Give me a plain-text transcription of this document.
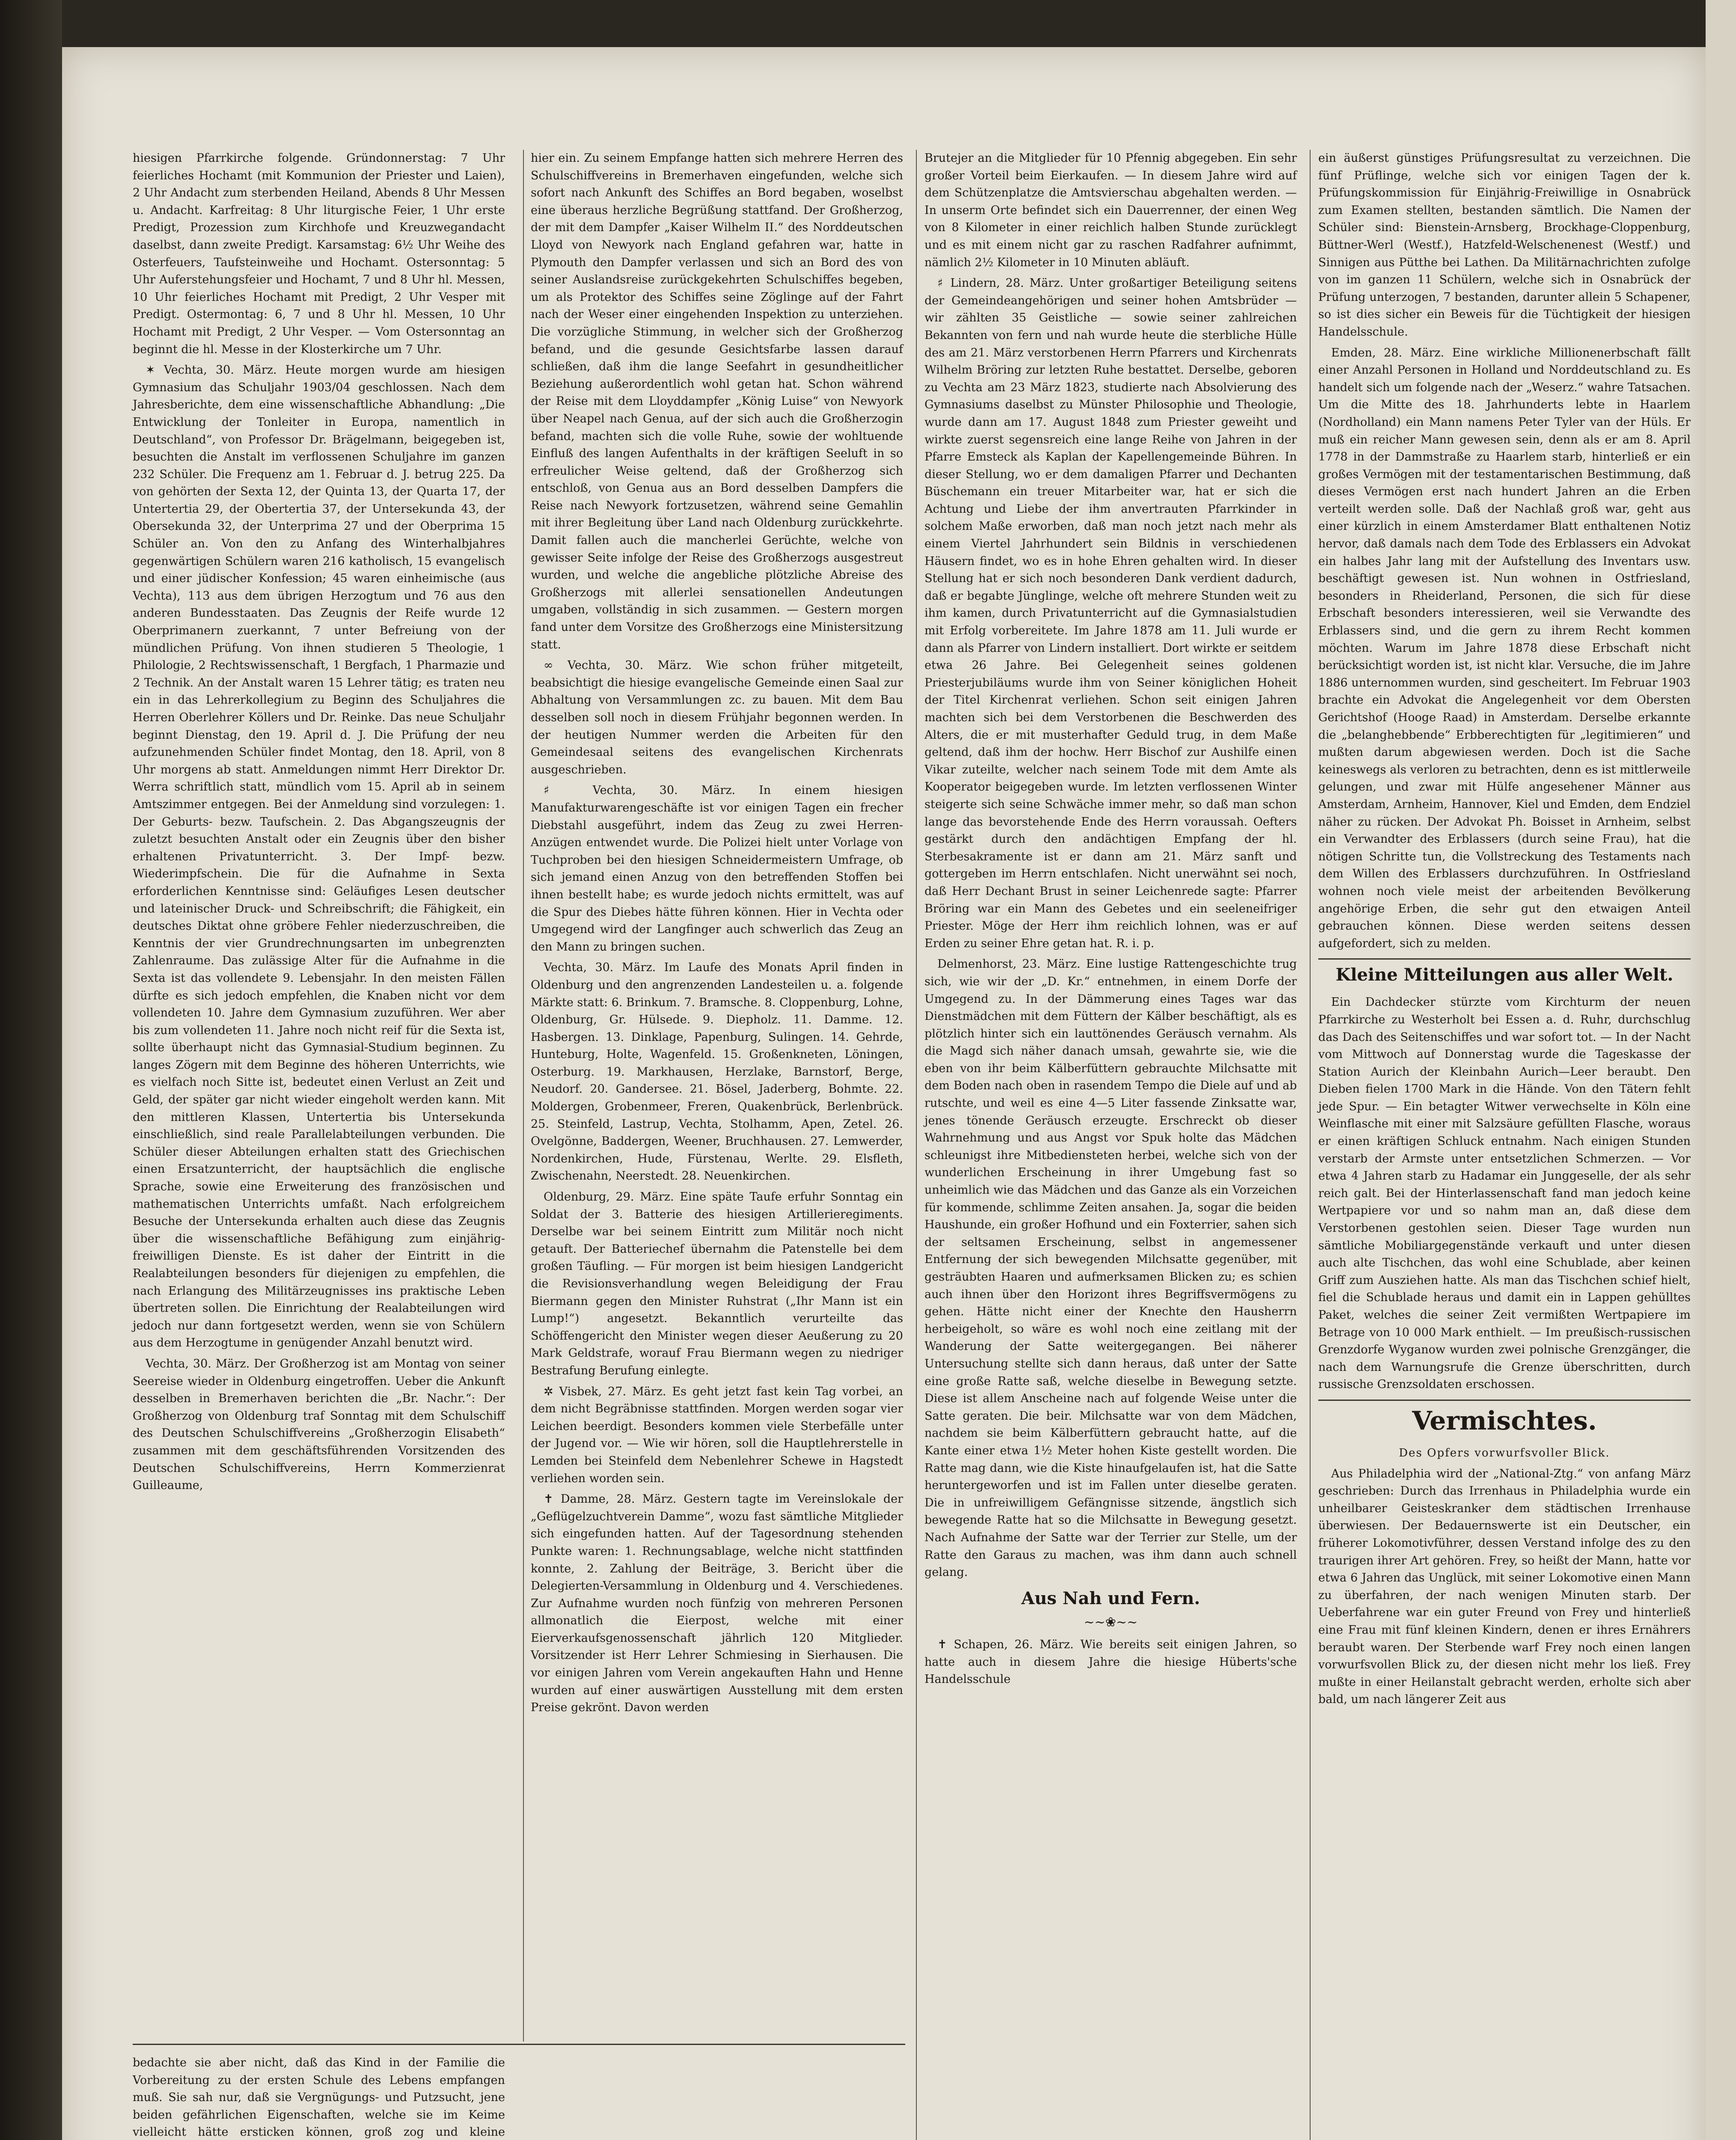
hiesigen Pfarrkirche folgende. Gründonnerstag: 7 Uhr feierliches Hochamt (mit Kommunion der Priester und Laien), 2 Uhr Andacht zum sterbenden Heiland, Abends 8 Uhr Messen u. Andacht. Karfreitag: 8 Uhr liturgische Feier, 1 Uhr erste Predigt, Prozession zum Kirchhofe und Kreuzwegandacht daselbst, dann zweite Predigt. Karsamstag: 6½ Uhr Weihe des Osterfeuers, Taufsteinweihe und Hochamt. Ostersonntag: 5 Uhr Auferstehungsfeier und Hochamt, 7 und 8 Uhr hl. Messen, 10 Uhr feierliches Hochamt mit Predigt, 2 Uhr Vesper mit Predigt. Ostermontag: 6, 7 und 8 Uhr hl. Messen, 10 Uhr Hochamt mit Predigt, 2 Uhr Vesper. — Vom Ostersonntag an beginnt die hl. Messe in der Klosterkirche um 7 Uhr.

✶ Vechta, 30. März. Heute morgen wurde am hiesigen Gymnasium das Schuljahr 1903/04 geschlossen. Nach dem Jahresberichte, dem eine wissenschaftliche Abhandlung: „Die Entwicklung der Tonleiter in Europa, namentlich in Deutschland“, von Professor Dr. Brägelmann, beigegeben ist, besuchten die Anstalt im verflossenen Schuljahre im ganzen 232 Schüler. Die Frequenz am 1. Februar d. J. betrug 225. Da von gehörten der Sexta 12, der Quinta 13, der Quarta 17, der Untertertia 29, der Obertertia 37, der Untersekunda 43, der Obersekunda 32, der Unterprima 27 und der Oberprima 15 Schüler an. Von den zu Anfang des Winterhalbjahres gegenwärtigen Schülern waren 216 katholisch, 15 evangelisch und einer jüdischer Konfession; 45 waren einheimische (aus Vechta), 113 aus dem übrigen Herzogtum und 76 aus den anderen Bundesstaaten. Das Zeugnis der Reife wurde 12 Oberprimanern zuerkannt, 7 unter Befreiung von der mündlichen Prüfung. Von ihnen studieren 5 Theologie, 1 Philologie, 2 Rechtswissenschaft, 1 Bergfach, 1 Pharmazie und 2 Technik. An der Anstalt waren 15 Lehrer tätig; es traten neu ein in das Lehrerkollegium zu Beginn des Schuljahres die Herren Oberlehrer Köllers und Dr. Reinke. Das neue Schuljahr beginnt Dienstag, den 19. April d. J. Die Prüfung der neu aufzunehmenden Schüler findet Montag, den 18. April, von 8 Uhr morgens ab statt. Anmeldungen nimmt Herr Direktor Dr. Werra schriftlich statt, mündlich vom 15. April ab in seinem Amtszimmer entgegen. Bei der Anmeldung sind vorzulegen: 1. Der Geburts- bezw. Taufschein. 2. Das Abgangszeugnis der zuletzt besuchten Anstalt oder ein Zeugnis über den bisher erhaltenen Privatunterricht. 3. Der Impf- bezw. Wiederimpfschein. Die für die Aufnahme in Sexta erforderlichen Kenntnisse sind: Geläufiges Lesen deutscher und lateinischer Druck- und Schreibschrift; die Fähigkeit, ein deutsches Diktat ohne gröbere Fehler niederzuschreiben, die Kenntnis der vier Grundrechnungsarten im unbegrenzten Zahlenraume. Das zulässige Alter für die Aufnahme in die Sexta ist das vollendete 9. Lebensjahr. In den meisten Fällen dürfte es sich jedoch empfehlen, die Knaben nicht vor dem vollendeten 10. Jahre dem Gymnasium zuzuführen. Wer aber bis zum vollendeten 11. Jahre noch nicht reif für die Sexta ist, sollte überhaupt nicht das Gymnasial-Studium beginnen. Zu langes Zögern mit dem Beginne des höheren Unterrichts, wie es vielfach noch Sitte ist, bedeutet einen Verlust an Zeit und Geld, der später gar nicht wieder eingeholt werden kann. Mit den mittleren Klassen, Untertertia bis Untersekunda einschließlich, sind reale Parallelabteilungen verbunden. Die Schüler dieser Abteilungen erhalten statt des Griechischen einen Ersatzunterricht, der hauptsächlich die englische Sprache, sowie eine Erweiterung des französischen und mathematischen Unterrichts umfaßt. Nach erfolgreichem Besuche der Untersekunda erhalten auch diese das Zeugnis über die wissenschaftliche Befähigung zum einjährig-freiwilligen Dienste. Es ist daher der Eintritt in die Realabteilungen besonders für diejenigen zu empfehlen, die nach Erlangung des Militärzeugnisses ins praktische Leben übertreten sollen. Die Einrichtung der Realabteilungen wird jedoch nur dann fortgesetzt werden, wenn sie von Schülern aus dem Herzogtume in genügender Anzahl benutzt wird.

Vechta, 30. März. Der Großherzog ist am Montag von seiner Seereise wieder in Oldenburg eingetroffen. Ueber die Ankunft desselben in Bremerhaven berichten die „Br. Nachr.“: Der Großherzog von Oldenburg traf Sonntag mit dem Schulschiff des Deutschen Schulschiffvereins „Großherzogin Elisabeth“ zusammen mit dem geschäftsführenden Vorsitzenden des Deutschen Schulschiffvereins, Herrn Kommerzienrat Guilleaume,

hier ein. Zu seinem Empfange hatten sich mehrere Herren des Schulschiffvereins in Bremerhaven eingefunden, welche sich sofort nach Ankunft des Schiffes an Bord begaben, woselbst eine überaus herzliche Begrüßung stattfand. Der Großherzog, der mit dem Dampfer „Kaiser Wilhelm II.“ des Norddeutschen Lloyd von Newyork nach England gefahren war, hatte in Plymouth den Dampfer verlassen und sich an Bord des von seiner Auslandsreise zurückgekehrten Schulschiffes begeben, um als Protektor des Schiffes seine Zöglinge auf der Fahrt nach der Weser einer eingehenden Inspektion zu unterziehen. Die vorzügliche Stimmung, in welcher sich der Großherzog befand, und die gesunde Gesichtsfarbe lassen darauf schließen, daß ihm die lange Seefahrt in gesundheitlicher Beziehung außerordentlich wohl getan hat. Schon während der Reise mit dem Lloyddampfer „König Luise“ von Newyork über Neapel nach Genua, auf der sich auch die Großherzogin befand, machten sich die volle Ruhe, sowie der wohltuende Einfluß des langen Aufenthalts in der kräftigen Seeluft in so erfreulicher Weise geltend, daß der Großherzog sich entschloß, von Genua aus an Bord desselben Dampfers die Reise nach Newyork fortzusetzen, während seine Gemahlin mit ihrer Begleitung über Land nach Oldenburg zurückkehrte. Damit fallen auch die mancherlei Gerüchte, welche von gewisser Seite infolge der Reise des Großherzogs ausgestreut wurden, und welche die angebliche plötzliche Abreise des Großherzogs mit allerlei sensationellen Andeutungen umgaben, vollständig in sich zusammen. — Gestern morgen fand unter dem Vorsitze des Großherzogs eine Ministersitzung statt.

∞ Vechta, 30. März. Wie schon früher mitgeteilt, beabsichtigt die hiesige evangelische Gemeinde einen Saal zur Abhaltung von Versammlungen zc. zu bauen. Mit dem Bau desselben soll noch in diesem Frühjahr begonnen werden. In der heutigen Nummer werden die Arbeiten für den Gemeindesaal seitens des evangelischen Kirchenrats ausgeschrieben.

♯ Vechta, 30. März. In einem hiesigen Manufakturwarengeschäfte ist vor einigen Tagen ein frecher Diebstahl ausgeführt, indem das Zeug zu zwei Herren-Anzügen entwendet wurde. Die Polizei hielt unter Vorlage von Tuchproben bei den hiesigen Schneidermeistern Umfrage, ob sich jemand einen Anzug von den betreffenden Stoffen bei ihnen bestellt habe; es wurde jedoch nichts ermittelt, was auf die Spur des Diebes hätte führen können. Hier in Vechta oder Umgegend wird der Langfinger auch schwerlich das Zeug an den Mann zu bringen suchen.

Vechta, 30. März. Im Laufe des Monats April finden in Oldenburg und den angrenzenden Landesteilen u. a. folgende Märkte statt: 6. Brinkum. 7. Bramsche. 8. Cloppenburg, Lohne, Oldenburg, Gr. Hülsede. 9. Diepholz. 11. Damme. 12. Hasbergen. 13. Dinklage, Papenburg, Sulingen. 14. Gehrde, Hunteburg, Holte, Wagenfeld. 15. Großenkneten, Löningen, Osterburg. 19. Markhausen, Herzlake, Barnstorf, Berge, Neudorf. 20. Gandersee. 21. Bösel, Jaderberg, Bohmte. 22. Moldergen, Grobenmeer, Freren, Quakenbrück, Berlenbrück. 25. Steinfeld, Lastrup, Vechta, Stolhamm, Apen, Zetel. 26. Ovelgönne, Baddergen, Weener, Bruchhausen. 27. Lemwerder, Nordenkirchen, Hude, Fürstenau, Werlte. 29. Elsfleth, Zwischenahn, Neerstedt. 28. Neuenkirchen.

Oldenburg, 29. März. Eine späte Taufe erfuhr Sonntag ein Soldat der 3. Batterie des hiesigen Artillerieregiments. Derselbe war bei seinem Eintritt zum Militär noch nicht getauft. Der Batteriechef übernahm die Patenstelle bei dem großen Täufling. — Für morgen ist beim hiesigen Landgericht die Revisionsverhandlung wegen Beleidigung der Frau Biermann gegen den Minister Ruhstrat („Ihr Mann ist ein Lump!“) angesetzt. Bekanntlich verurteilte das Schöffengericht den Minister wegen dieser Aeußerung zu 20 Mark Geldstrafe, worauf Frau Biermann wegen zu niedriger Bestrafung Berufung einlegte.

✲ Visbek, 27. März. Es geht jetzt fast kein Tag vorbei, an dem nicht Begräbnisse stattfinden. Morgen werden sogar vier Leichen beerdigt. Besonders kommen viele Sterbefälle unter der Jugend vor. — Wie wir hören, soll die Hauptlehrerstelle in Lemden bei Steinfeld dem Nebenlehrer Schewe in Hagstedt verliehen worden sein.

✝ Damme, 28. März. Gestern tagte im Vereinslokale der „Geflügelzuchtverein Damme“, wozu fast sämtliche Mitglieder sich eingefunden hatten. Auf der Tagesordnung stehenden Punkte waren: 1. Rechnungsablage, welche nicht stattfinden konnte, 2. Zahlung der Beiträge, 3. Bericht über die Delegierten-Versammlung in Oldenburg und 4. Verschiedenes. Zur Aufnahme wurden noch fünfzig von mehreren Personen allmonatlich die Eierpost, welche mit einer Eierverkaufsgenossenschaft jährlich 120 Mitglieder. Vorsitzender ist Herr Lehrer Schmiesing in Sierhausen. Die vor einigen Jahren vom Verein angekauften Hahn und Henne wurden auf einer auswärtigen Ausstellung mit dem ersten Preise gekrönt. Davon werden

Brutejer an die Mitglieder für 10 Pfennig abgegeben. Ein sehr großer Vorteil beim Eierkaufen. — In diesem Jahre wird auf dem Schützenplatze die Amtsvierschau abgehalten werden. — In unserm Orte befindet sich ein Dauerrenner, der einen Weg von 8 Kilometer in einer reichlich halben Stunde zurücklegt und es mit einem nicht gar zu raschen Radfahrer aufnimmt, nämlich 2½ Kilometer in 10 Minuten abläuft.

♯ Lindern, 28. März. Unter großartiger Beteiligung seitens der Gemeindeangehörigen und seiner hohen Amtsbrüder — wir zählten 35 Geistliche — sowie seiner zahlreichen Bekannten von fern und nah wurde heute die sterbliche Hülle des am 21. März verstorbenen Herrn Pfarrers und Kirchenrats Wilhelm Bröring zur letzten Ruhe bestattet. Derselbe, geboren zu Vechta am 23 März 1823, studierte nach Absolvierung des Gymnasiums daselbst zu Münster Philosophie und Theologie, wurde dann am 17. August 1848 zum Priester geweiht und wirkte zuerst segensreich eine lange Reihe von Jahren in der Pfarre Emsteck als Kaplan der Kapellengemeinde Bühren. In dieser Stellung, wo er dem damaligen Pfarrer und Dechanten Büschemann ein treuer Mitarbeiter war, hat er sich die Achtung und Liebe der ihm anvertrauten Pfarrkinder in solchem Maße erworben, daß man noch jetzt nach mehr als einem Viertel Jahrhundert sein Bildnis in verschiedenen Häusern findet, wo es in hohe Ehren gehalten wird. In dieser Stellung hat er sich noch besonderen Dank verdient dadurch, daß er begabte Jünglinge, welche oft mehrere Stunden weit zu ihm kamen, durch Privatunterricht auf die Gymnasialstudien mit Erfolg vorbereitete. Im Jahre 1878 am 11. Juli wurde er dann als Pfarrer von Lindern installiert. Dort wirkte er seitdem etwa 26 Jahre. Bei Gelegenheit seines goldenen Priesterjubiläums wurde ihm von Seiner königlichen Hoheit der Titel Kirchenrat verliehen. Schon seit einigen Jahren machten sich bei dem Verstorbenen die Beschwerden des Alters, die er mit musterhafter Geduld trug, in dem Maße geltend, daß ihm der hochw. Herr Bischof zur Aushilfe einen Vikar zuteilte, welcher nach seinem Tode mit dem Amte als Kooperator beigegeben wurde. Im letzten verflossenen Winter steigerte sich seine Schwäche immer mehr, so daß man schon lange das bevorstehende Ende des Herrn voraussah. Oefters gestärkt durch den andächtigen Empfang der hl. Sterbesakramente ist er dann am 21. März sanft und gottergeben im Herrn entschlafen. Nicht unerwähnt sei noch, daß Herr Dechant Brust in seiner Leichenrede sagte: Pfarrer Bröring war ein Mann des Gebetes und ein seeleneifriger Priester. Möge der Herr ihm reichlich lohnen, was er auf Erden zu seiner Ehre getan hat. R. i. p.

Delmenhorst, 23. März. Eine lustige Rattengeschichte trug sich, wie wir der „D. Kr.“ entnehmen, in einem Dorfe der Umgegend zu. In der Dämmerung eines Tages war das Dienstmädchen mit dem Füttern der Kälber beschäftigt, als es plötzlich hinter sich ein lauttönendes Geräusch vernahm. Als die Magd sich näher danach umsah, gewahrte sie, wie die eben von ihr beim Kälberfüttern gebrauchte Milchsatte mit dem Boden nach oben in rasendem Tempo die Diele auf und ab rutschte, und weil es eine 4—5 Liter fassende Zinksatte war, jenes tönende Geräusch erzeugte. Erschreckt ob dieser Wahrnehmung und aus Angst vor Spuk holte das Mädchen schleunigst ihre Mitbediensteten herbei, welche sich von der wunderlichen Erscheinung in ihrer Umgebung fast so unheimlich wie das Mädchen und das Ganze als ein Vorzeichen für kommende, schlimme Zeiten ansahen. Ja, sogar die beiden Haushunde, ein großer Hofhund und ein Foxterrier, sahen sich der seltsamen Erscheinung, selbst in angemessener Entfernung der sich bewegenden Milchsatte gegenüber, mit gesträubten Haaren und aufmerksamen Blicken zu; es schien auch ihnen über den Horizont ihres Begriffsvermögens zu gehen. Hätte nicht einer der Knechte den Hausherrn herbeigeholt, so wäre es wohl noch eine zeitlang mit der Wanderung der Satte weitergegangen. Bei näherer Untersuchung stellte sich dann heraus, daß unter der Satte eine große Ratte saß, welche dieselbe in Bewegung setzte. Diese ist allem Anscheine nach auf folgende Weise unter die Satte geraten. Die beir. Milchsatte war von dem Mädchen, nachdem sie beim Kälberfüttern gebraucht hatte, auf die Kante einer etwa 1½ Meter hohen Kiste gestellt worden. Die Ratte mag dann, wie die Kiste hinaufgelaufen ist, hat die Satte heruntergeworfen und ist im Fallen unter dieselbe geraten. Die in unfreiwilligem Gefängnisse sitzende, ängstlich sich bewegende Ratte hat so die Milchsatte in Bewegung gesetzt. Nach Aufnahme der Satte war der Terrier zur Stelle, um der Ratte den Garaus zu machen, was ihm dann auch schnell gelang.

Aus Nah und Fern.
~~❀~~

✝ Schapen, 26. März. Wie bereits seit einigen Jahren, so hatte auch in diesem Jahre die hiesige Hüberts'sche Handelsschule

ein äußerst günstiges Prüfungsresultat zu verzeichnen. Die fünf Prüflinge, welche sich vor einigen Tagen der k. Prüfungskommission für Einjährig-Freiwillige in Osnabrück zum Examen stellten, bestanden sämtlich. Die Namen der Schüler sind: Bienstein-Arnsberg, Brockhage-Cloppenburg, Büttner-Werl (Westf.), Hatzfeld-Welschenenest (Westf.) und Sinnigen aus Pütthe bei Lathen. Da Militärnachrichten zufolge von im ganzen 11 Schülern, welche sich in Osnabrück der Prüfung unterzogen, 7 bestanden, darunter allein 5 Schapener, so ist dies sicher ein Beweis für die Tüchtigkeit der hiesigen Handelsschule.

Emden, 28. März. Eine wirkliche Millionenerbschaft fällt einer Anzahl Personen in Holland und Norddeutschland zu. Es handelt sich um folgende nach der „Weserz.“ wahre Tatsachen. Um die Mitte des 18. Jahrhunderts lebte in Haarlem (Nordholland) ein Mann namens Peter Tyler van der Hüls. Er muß ein reicher Mann gewesen sein, denn als er am 8. April 1778 in der Dammstraße zu Haarlem starb, hinterließ er ein großes Vermögen mit der testamentarischen Bestimmung, daß dieses Vermögen erst nach hundert Jahren an die Erben verteilt werden solle. Daß der Nachlaß groß war, geht aus einer kürzlich in einem Amsterdamer Blatt enthaltenen Notiz hervor, daß damals nach dem Tode des Erblassers ein Advokat ein halbes Jahr lang mit der Aufstellung des Inventars usw. beschäftigt gewesen ist. Nun wohnen in Ostfriesland, besonders in Rheiderland, Personen, die sich für diese Erbschaft besonders interessieren, weil sie Verwandte des Erblassers sind, und die gern zu ihrem Recht kommen möchten. Warum im Jahre 1878 diese Erbschaft nicht berücksichtigt worden ist, ist nicht klar. Versuche, die im Jahre 1886 unternommen wurden, sind gescheitert. Im Februar 1903 brachte ein Advokat die Angelegenheit vor dem Obersten Gerichtshof (Hooge Raad) in Amsterdam. Derselbe erkannte die „belanghebbende“ Erbberechtigten für „legitimieren“ und mußten darum abgewiesen werden. Doch ist die Sache keineswegs als verloren zu betrachten, denn es ist mittlerweile gelungen, und zwar mit Hülfe angesehener Männer aus Amsterdam, Arnheim, Hannover, Kiel und Emden, dem Endziel näher zu rücken. Der Advokat Ph. Boisset in Arnheim, selbst ein Verwandter des Erblassers (durch seine Frau), hat die nötigen Schritte tun, die Vollstreckung des Testaments nach dem Willen des Erblassers durchzuführen. In Ostfriesland wohnen noch viele meist der arbeitenden Bevölkerung angehörige Erben, die sehr gut den etwaigen Anteil gebrauchen können. Diese werden seitens dessen aufgefordert, sich zu melden.

Kleine Mitteilungen aus aller Welt.

Ein Dachdecker stürzte vom Kirchturm der neuen Pfarrkirche zu Westerholt bei Essen a. d. Ruhr, durchschlug das Dach des Seitenschiffes und war sofort tot. — In der Nacht vom Mittwoch auf Donnerstag wurde die Tageskasse der Station Aurich der Kleinbahn Aurich—Leer beraubt. Den Dieben fielen 1700 Mark in die Hände. Von den Tätern fehlt jede Spur. — Ein betagter Witwer verwechselte in Köln eine Weinflasche mit einer mit Salzsäure gefüllten Flasche, woraus er einen kräftigen Schluck entnahm. Nach einigen Stunden verstarb der Armste unter entsetzlichen Schmerzen. — Vor etwa 4 Jahren starb zu Hadamar ein Junggeselle, der als sehr reich galt. Bei der Hinterlassenschaft fand man jedoch keine Wertpapiere vor und so nahm man an, daß diese dem Verstorbenen gestohlen seien. Dieser Tage wurden nun sämtliche Mobiliargegenstände verkauft und unter diesen auch alte Tischchen, das wohl eine Schublade, aber keinen Griff zum Ausziehen hatte. Als man das Tischchen schief hielt, fiel die Schublade heraus und damit ein in Lappen gehülltes Paket, welches die seiner Zeit vermißten Wertpapiere im Betrage von 10 000 Mark enthielt. — Im preußisch-russischen Grenzdorfe Wyganow wurden zwei polnische Grenzgänger, die nach dem Warnungsrufe die Grenze überschritten, durch russische Grenzsoldaten erschossen.

Vermischtes.
Des Opfers vorwurfsvoller Blick.

Aus Philadelphia wird der „National-Ztg.“ von anfang März geschrieben: Durch das Irrenhaus in Philadelphia wurde ein unheilbarer Geisteskranker dem städtischen Irrenhause überwiesen. Der Bedauernswerte ist ein Deutscher, ein früherer Lokomotivführer, dessen Verstand infolge des zu den traurigen ihrer Art gehören. Frey, so heißt der Mann, hatte vor etwa 6 Jahren das Unglück, mit seiner Lokomotive einen Mann zu überfahren, der nach wenigen Minuten starb. Der Ueberfahrene war ein guter Freund von Frey und hinterließ eine Frau mit fünf kleinen Kindern, denen er ihres Ernährers beraubt waren. Der Sterbende warf Frey noch einen langen vorwurfsvollen Blick zu, der diesen nicht mehr los ließ. Frey mußte in einer Heilanstalt gebracht werden, erholte sich aber bald, um nach längerer Zeit aus

bedachte sie aber nicht, daß das Kind in der Familie die Vorbereitung zu der ersten Schule des Lebens empfangen muß. Sie sah nur, daß sie Vergnügungs- und Putzsucht, jene beiden gefährlichen Eigenschaften, welche sie im Keime vielleicht hätte ersticken können, groß zog und kleine
